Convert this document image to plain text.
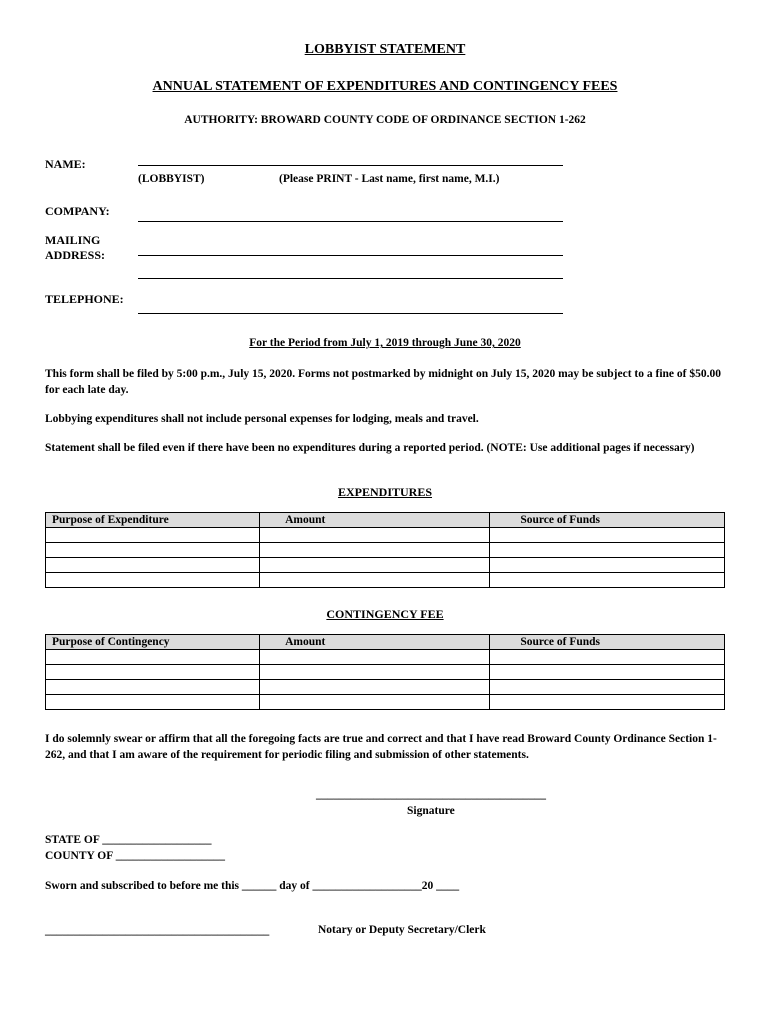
LOBBYIST STATEMENT
ANNUAL STATEMENT OF EXPENDITURES AND CONTINGENCY FEES
AUTHORITY: BROWARD COUNTY CODE OF ORDINANCE SECTION 1-262
NAME:
(LOBBYIST)	(Please PRINT - Last name, first name, M.I.)
COMPANY:
MAILING
ADDRESS:
TELEPHONE:
For the Period from July 1, 2019 through June 30, 2020
This form shall be filed by 5:00 p.m., July 15, 2020. Forms not postmarked by midnight on July 15, 2020 may be subject to a fine of $50.00 for each late day.
Lobbying expenditures shall not include personal expenses for lodging, meals and travel.
Statement shall be filed even if there have been no expenditures during a reported period. (NOTE: Use additional pages if necessary)
EXPENDITURES
Purpose of Expenditure	Amount	Source of Funds

CONTINGENCY FEE
Purpose of Contingency	Amount	Source of Funds

I do solemnly swear or affirm that all the foregoing facts are true and correct and that I have read Broward County Ordinance Section 1-262, and that I am aware of the requirement for periodic filing and submission of other statements.
________________________________________
Signature
STATE OF ___________________
COUNTY OF ___________________
Sworn and subscribed to before me this ______ day of ___________________20 ____
_______________________________________	Notary or Deputy Secretary/Clerk
